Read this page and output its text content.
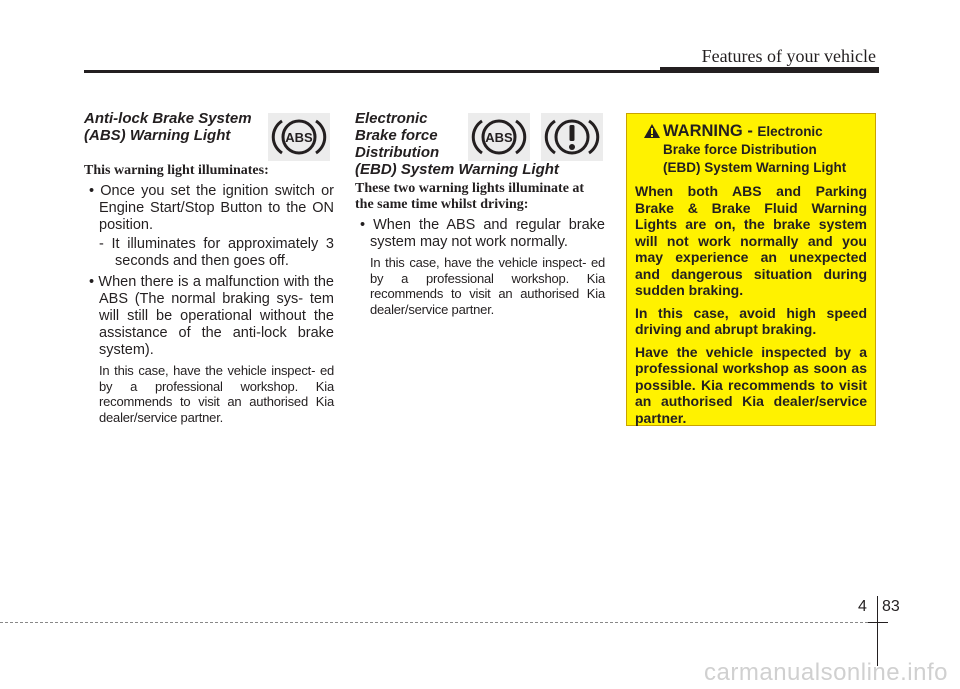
Features of your vehicle

Anti-lock Brake System
(ABS) Warning Light

This warning light illuminates:

• Once you set the ignition switch or Engine Start/Stop Button to the ON position.

- It illuminates for approximately 3 seconds and then goes off.

• When there is a malfunction with the ABS (The normal braking sys- tem will still be operational without the assistance of the anti-lock brake system).

In this case, have the vehicle inspect- ed by a professional workshop. Kia recommends to visit an authorised Kia dealer/service partner.

ABS

Electronic
Brake force
Distribution
(EBD) System Warning Light

These two warning lights illuminate at the same time whilst driving:

• When the ABS and regular brake system may not work normally.

In this case, have the vehicle inspect- ed by a professional workshop. Kia recommends to visit an authorised Kia dealer/service partner.

ABS	WARNING - Electronic
Brake force Distribution
(EBD) System Warning Light

When both ABS and Parking Brake & Brake Fluid Warning Lights are on, the brake system will not work normally and you may experience an unexpected and dangerous situation during sudden braking.

In this case, avoid high speed driving and abrupt braking.

Have the vehicle inspected by a professional workshop as soon as possible. Kia recommends to visit an authorised Kia dealer/service partner.

4 83
carmanualsonline.info
